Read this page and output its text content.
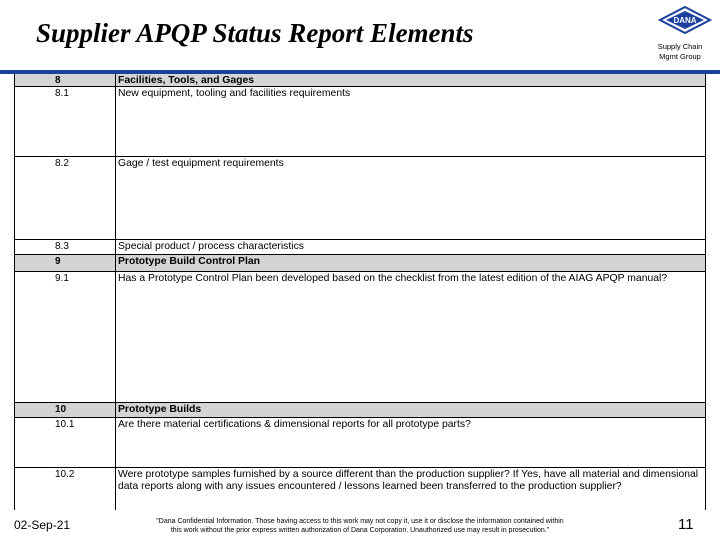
Supplier APQP Status Report Elements	DANA
Supply Chain
Mgmt Group
8	Facilities, Tools, and Gages
8.1	New equipment, tooling and facilities requirements
8.2	Gage / test equipment requirements
8.3	Special product / process characteristics
9	Prototype Build Control Plan
9.1	Has a Prototype Control Plan been developed based on the checklist from the latest edition of the AIAG APQP manual?
10	Prototype Builds
10.1	Are there material certifications & dimensional reports for all prototype parts?
10.2	Were prototype samples furnished by a source different than the production supplier? If Yes, have all material and dimensional data reports along with any issues encountered / lessons learned been transferred to the production supplier?
02-Sep-21	"Dana Confidential Information. Those having access to this work may not copy it, use it or disclose the information contained within
this work without the prior express written authorization of Dana Corporation. Unauthorized use may result in prosecution."	11
